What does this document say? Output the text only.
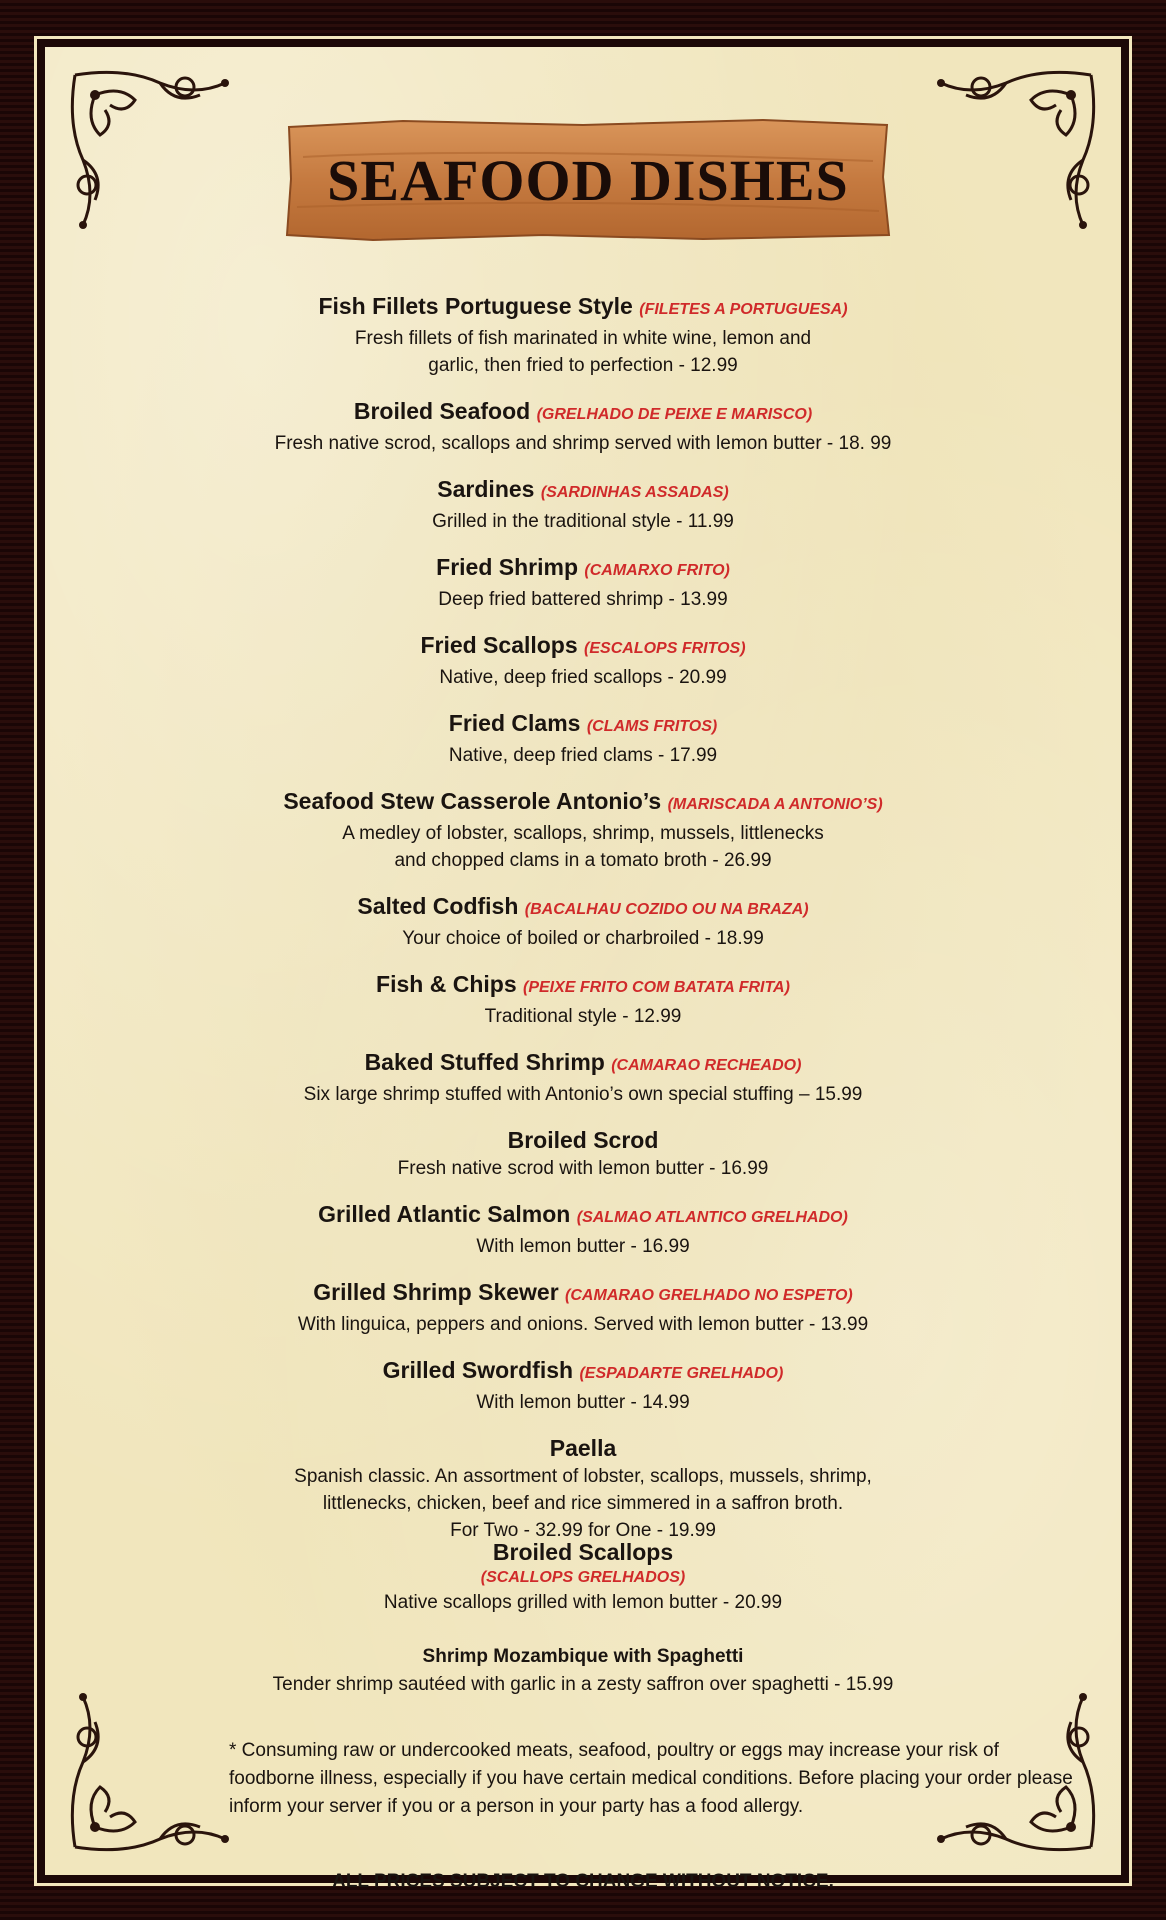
SEAFOOD DISHES
Fish Fillets Portuguese Style (FILETES A PORTUGUESA)
Fresh fillets of fish marinated in white wine, lemon and
garlic, then fried to perfection - 12.99
Broiled Seafood (GRELHADO DE PEIXE E MARISCO)
Fresh native scrod, scallops and shrimp served with lemon butter - 18. 99
Sardines (SARDINHAS ASSADAS)
Grilled in the traditional style - 11.99
Fried Shrimp (CAMARXO FRITO)
Deep fried battered shrimp - 13.99
Fried Scallops (ESCALOPS FRITOS)
Native, deep fried scallops - 20.99
Fried Clams (CLAMS FRITOS)
Native, deep fried clams - 17.99
Seafood Stew Casserole Antonio’s (MARISCADA A ANTONIO’S)
A medley of lobster, scallops, shrimp, mussels, littlenecks
and chopped clams in a tomato broth - 26.99
Salted Codfish (BACALHAU COZIDO OU NA BRAZA)
Your choice of boiled or charbroiled - 18.99
Fish & Chips (PEIXE FRITO COM BATATA FRITA)
Traditional style - 12.99
Baked Stuffed Shrimp (CAMARAO RECHEADO)
Six large shrimp stuffed with Antonio’s own special stuffing – 15.99
Broiled Scrod
Fresh native scrod with lemon butter - 16.99
Grilled Atlantic Salmon (SALMAO ATLANTICO GRELHADO)
With lemon butter - 16.99
Grilled Shrimp Skewer (CAMARAO GRELHADO NO ESPETO)
With linguica, peppers and onions. Served with lemon butter - 13.99
Grilled Swordfish (ESPADARTE GRELHADO)
With lemon butter - 14.99
Paella
Spanish classic. An assortment of lobster, scallops, mussels, shrimp,
littlenecks, chicken, beef and rice simmered in a saffron broth.
For Two - 32.99 for One - 19.99
Broiled Scallops
(SCALLOPS GRELHADOS)
Native scallops grilled with lemon butter - 20.99
Shrimp Mozambique with Spaghetti
Tender shrimp sautéed with garlic in a zesty saffron over spaghetti - 15.99
* Consuming raw or undercooked meats, seafood, poultry or eggs may increase your risk of foodborne illness, especially if you have certain medical conditions. Before placing your order please inform your server if you or a person in your party has a food allergy.
ALL PRICES SUBJECT TO CHANGE WITHOUT NOTICE.
